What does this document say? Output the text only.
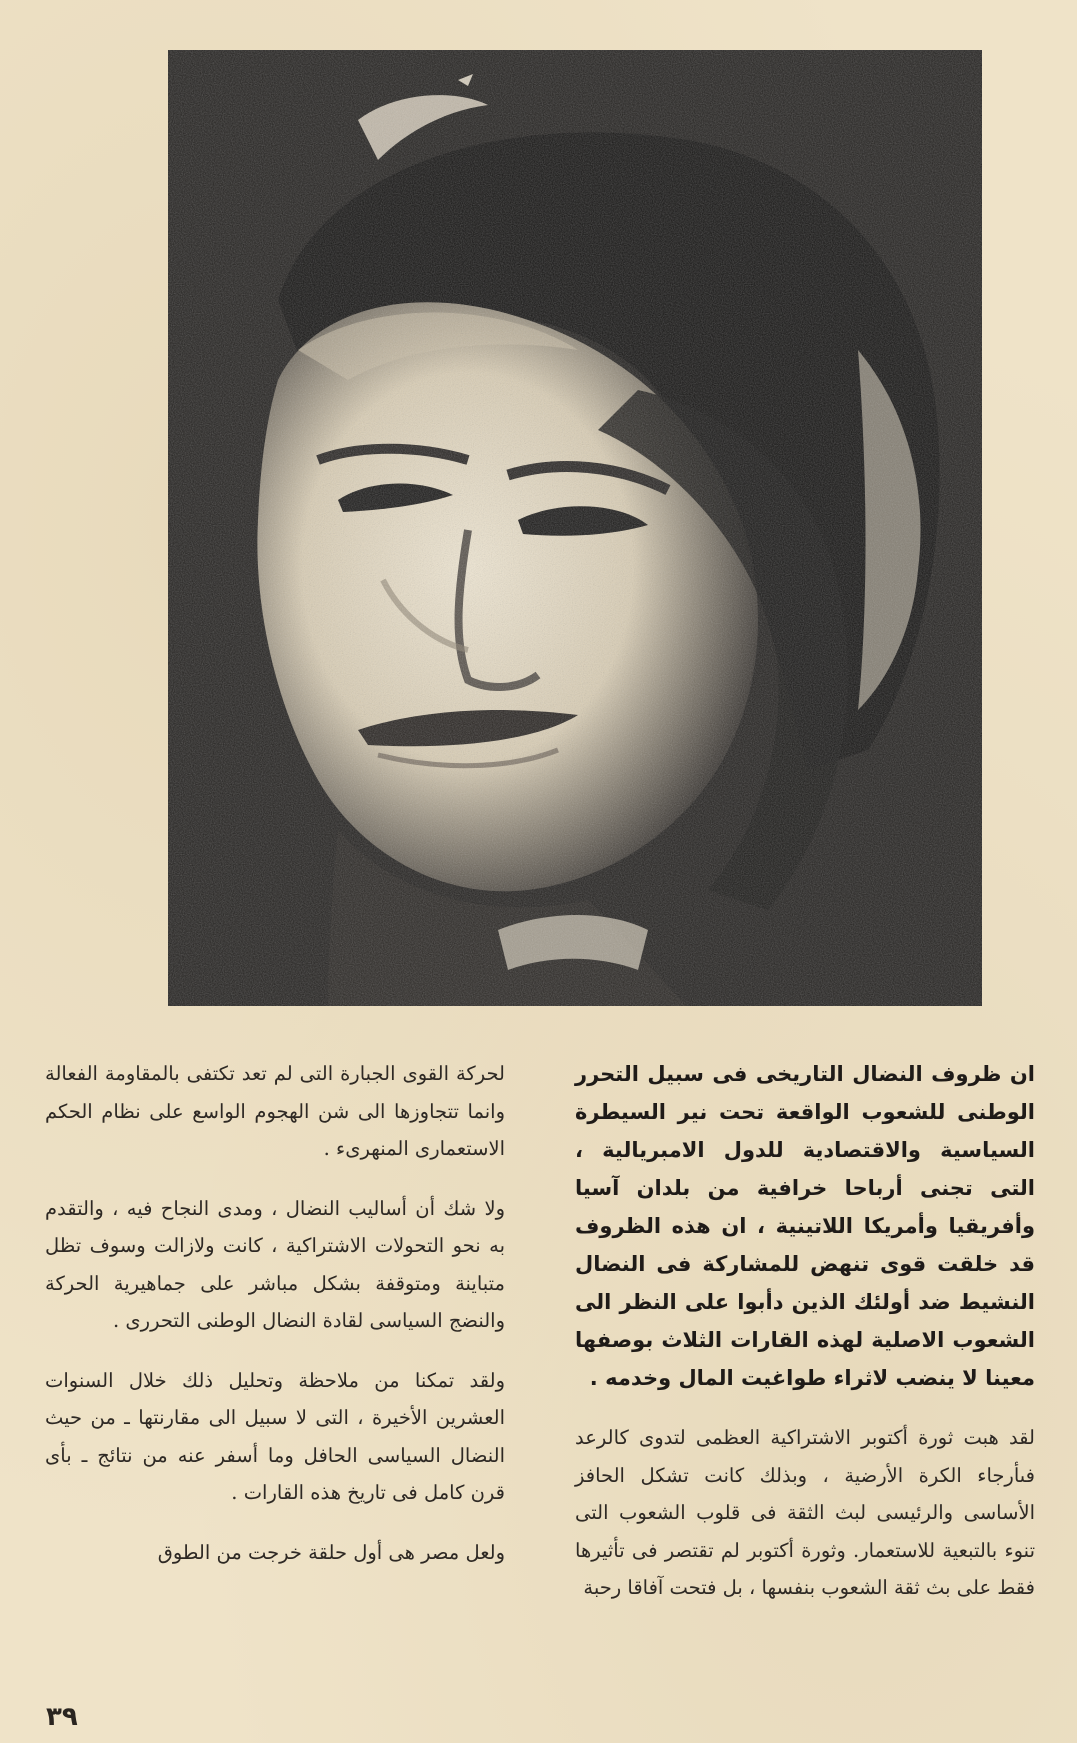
ان ظروف النضال التاريخى فى سبيل التحرر الوطنى للشعوب الواقعة تحت نير السيطرة السياسية والاقتصادية للدول الامبريالية ، التى تجنى أرباحا خرافية من بلدان آسيا وأفريقيا وأمريكا اللاتينية ، ان هذه الظروف قد خلقت قوى تنهض للمشاركة فى النضال النشيط ضد أولئك الذين دأبوا على النظر الى الشعوب الاصلية لهذه القارات الثلاث بوصفها معينا لا ينضب لاثراء طواغيت المال وخدمه .

لقد هبت ثورة أكتوبر الاشتراكية العظمى لتدوى كالرعد فىأرجاء الكرة الأرضية ، وبذلك كانت تشكل الحافز الأساسى والرئيسى لبث الثقة فى قلوب الشعوب التى تنوء بالتبعية للاستعمار. وثورة أكتوبر لم تقتصر فى تأثيرها فقط على بث ثقة الشعوب بنفسها ، بل فتحت آفاقا رحبة

لحركة القوى الجبارة التى لم تعد تكتفى بالمقاومة الفعالة وانما تتجاوزها الى شن الهجوم الواسع على نظام الحكم الاستعمارى المنهرىء .

ولا شك أن أساليب النضال ، ومدى النجاح فيه ، والتقدم به نحو التحولات الاشتراكية ، كانت ولازالت وسوف تظل متباينة ومتوقفة بشكل مباشر على جماهيرية الحركة والنضج السياسى لقادة النضال الوطنى التحررى .

ولقد تمكنا من ملاحظة وتحليل ذلك خلال السنوات العشرين الأخيرة ، التى لا سبيل الى مقارنتها ـ من حيث النضال السياسى الحافل وما أسفر عنه من نتائج ـ بأى قرن كامل فى تاريخ هذه القارات .

ولعل مصر هى أول حلقة خرجت من الطوق

٣٩
